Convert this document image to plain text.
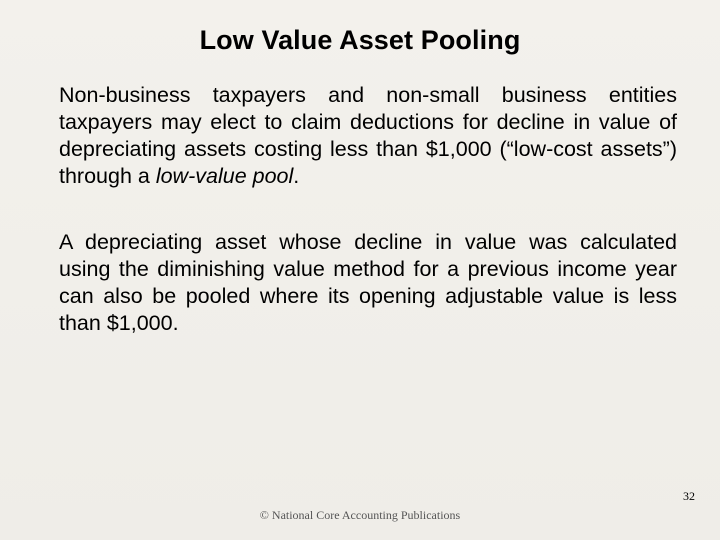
Low Value Asset Pooling
Non-business taxpayers and non-small business entities taxpayers may elect to claim deductions for decline in value of depreciating assets costing less than $1,000 (“low-cost assets”) through a low-value pool.
A depreciating asset whose decline in value was calculated using the diminishing value method for a previous income year can also be pooled where its opening adjustable value is less than $1,000.
32
© National Core Accounting Publications
